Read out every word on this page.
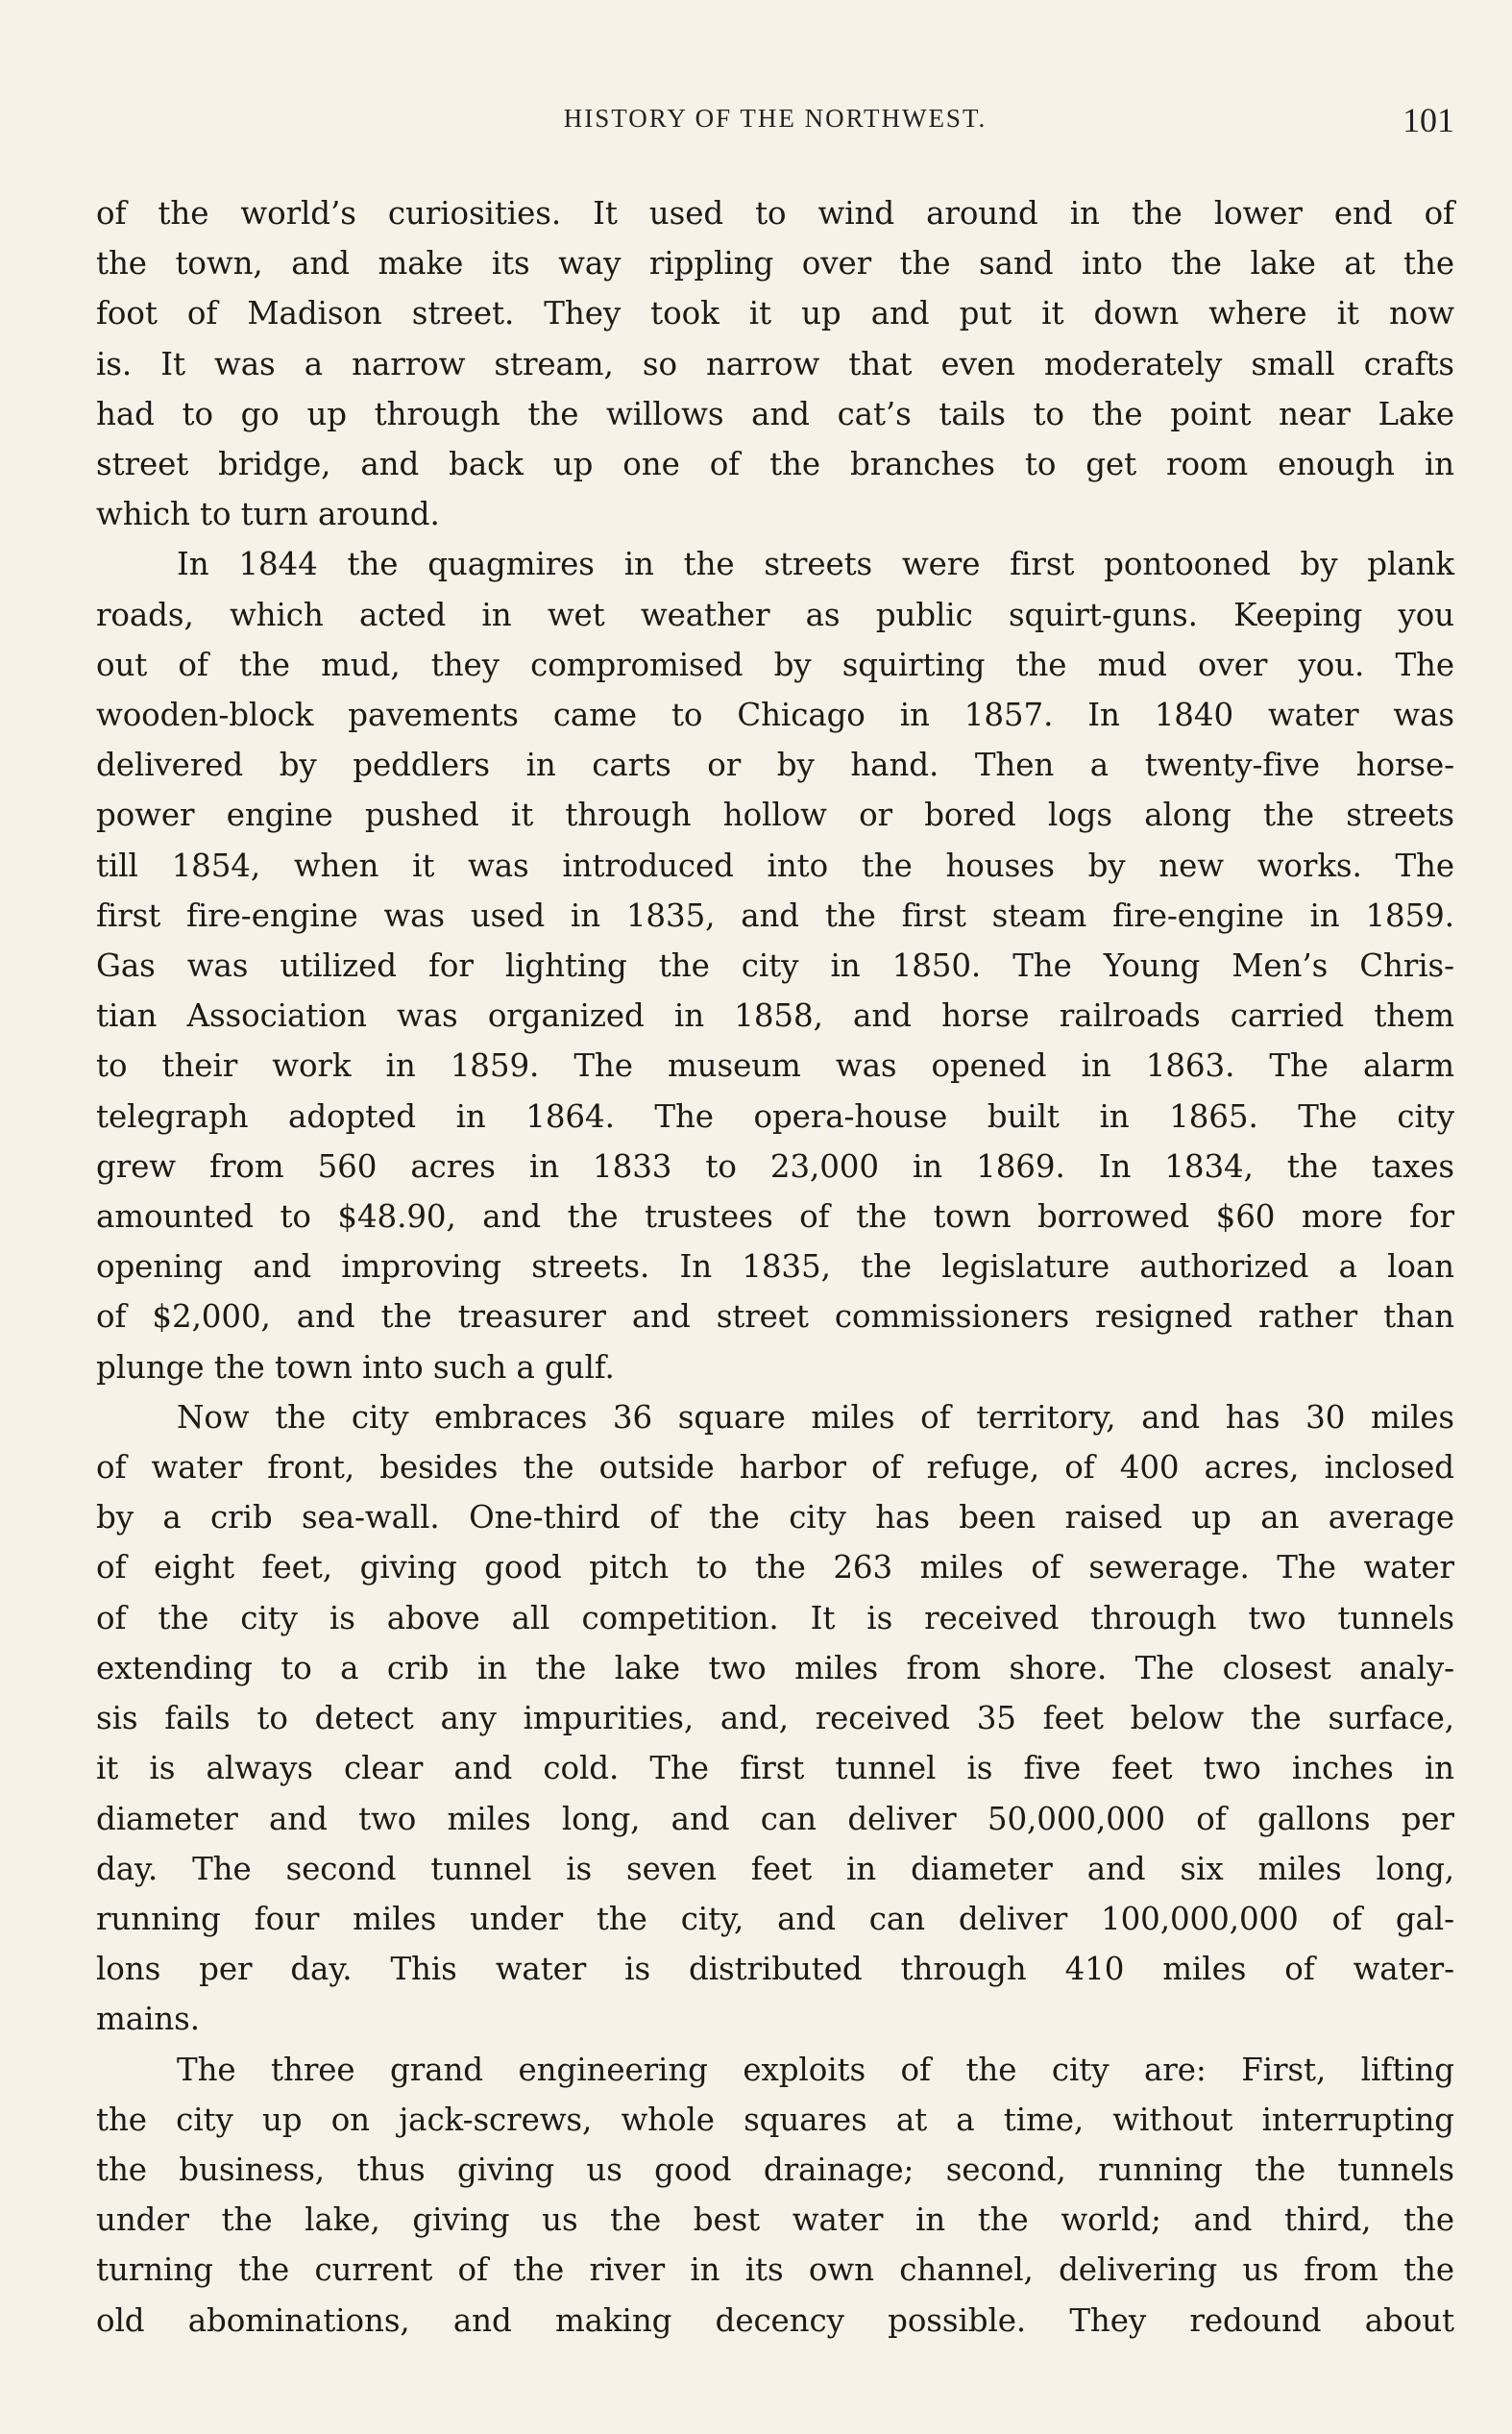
HISTORY OF THE NORTHWEST.	101
of the world’s curiosities. It used to wind around in the lower end of
the town, and make its way rippling over the sand into the lake at the
foot of Madison street. They took it up and put it down where it now
is. It was a narrow stream, so narrow that even moderately small crafts
had to go up through the willows and cat’s tails to the point near Lake
street bridge, and back up one of the branches to get room enough in
which to turn around.
In 1844 the quagmires in the streets were first pontooned by plank
roads, which acted in wet weather as public squirt-guns. Keeping you
out of the mud, they compromised by squirting the mud over you. The
wooden-block pavements came to Chicago in 1857. In 1840 water was
delivered by peddlers in carts or by hand. Then a twenty-five horse-
power engine pushed it through hollow or bored logs along the streets
till 1854, when it was introduced into the houses by new works. The
first fire-engine was used in 1835, and the first steam fire-engine in 1859.
Gas was utilized for lighting the city in 1850. The Young Men’s Chris-
tian Association was organized in 1858, and horse railroads carried them
to their work in 1859. The museum was opened in 1863. The alarm
telegraph adopted in 1864. The opera-house built in 1865. The city
grew from 560 acres in 1833 to 23,000 in 1869. In 1834, the taxes
amounted to $48.90, and the trustees of the town borrowed $60 more for
opening and improving streets. In 1835, the legislature authorized a loan
of $2,000, and the treasurer and street commissioners resigned rather than
plunge the town into such a gulf.
Now the city embraces 36 square miles of territory, and has 30 miles
of water front, besides the outside harbor of refuge, of 400 acres, inclosed
by a crib sea-wall. One-third of the city has been raised up an average
of eight feet, giving good pitch to the 263 miles of sewerage. The water
of the city is above all competition. It is received through two tunnels
extending to a crib in the lake two miles from shore. The closest analy-
sis fails to detect any impurities, and, received 35 feet below the surface,
it is always clear and cold. The first tunnel is five feet two inches in
diameter and two miles long, and can deliver 50,000,000 of gallons per
day. The second tunnel is seven feet in diameter and six miles long,
running four miles under the city, and can deliver 100,000,000 of gal-
lons per day. This water is distributed through 410 miles of water-
mains.
The three grand engineering exploits of the city are: First, lifting
the city up on jack-screws, whole squares at a time, without interrupting
the business, thus giving us good drainage; second, running the tunnels
under the lake, giving us the best water in the world; and third, the
turning the current of the river in its own channel, delivering us from the
old abominations, and making decency possible. They redound about
